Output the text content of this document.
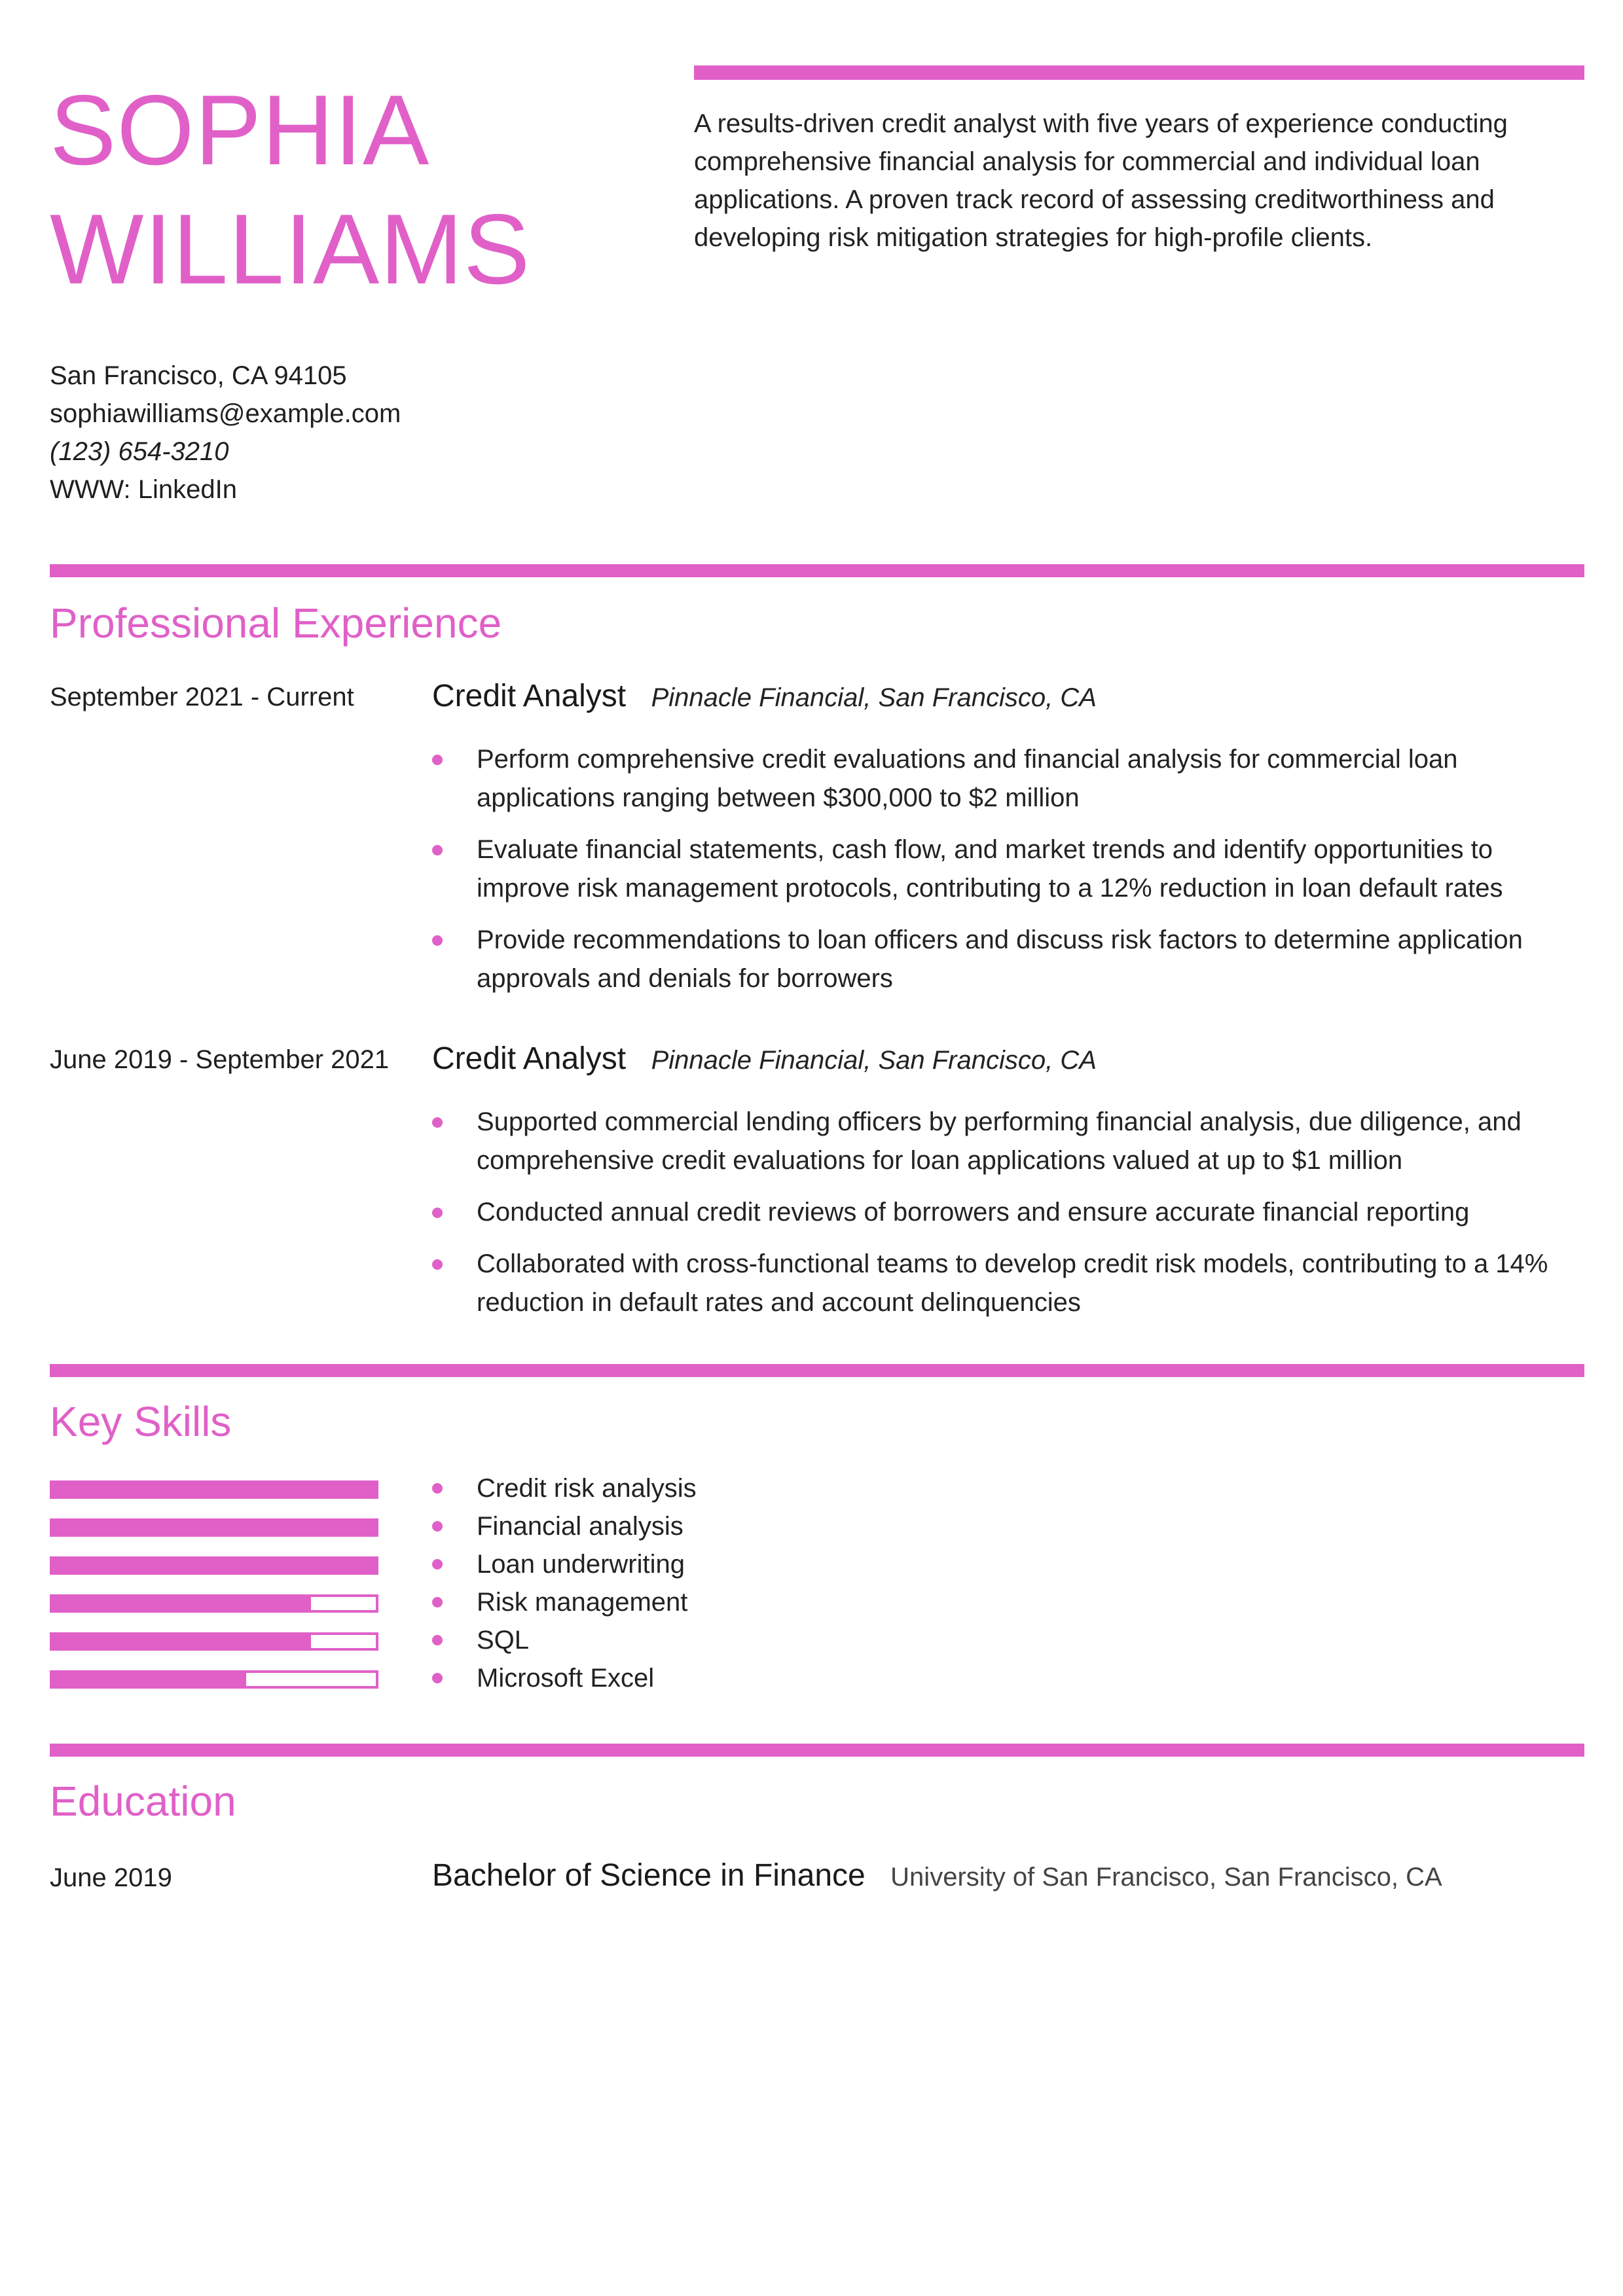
SOPHIA
WILLIAMS

A results-driven credit analyst with five years of experience conducting comprehensive financial analysis for commercial and individual loan applications. A proven track record of assessing creditworthiness and developing risk mitigation strategies for high-profile clients.

San Francisco, CA 94105
sophiawilliams@example.com
(123) 654-3210
WWW: LinkedIn
Professional Experience
September 2021 - Current Credit Analyst Pinnacle Financial, San Francisco, CA
Perform comprehensive credit evaluations and financial analysis for commercial loan applications ranging between $300,000 to $2 million
Evaluate financial statements, cash flow, and market trends and identify opportunities to improve risk management protocols, contributing to a 12% reduction in loan default rates
Provide recommendations to loan officers and discuss risk factors to determine application approvals and denials for borrowers
June 2019 - September 2021 Credit Analyst Pinnacle Financial, San Francisco, CA
Supported commercial lending officers by performing financial analysis, due diligence, and comprehensive credit evaluations for loan applications valued at up to $1 million
Conducted annual credit reviews of borrowers and ensure accurate financial reporting
Collaborated with cross-functional teams to develop credit risk models, contributing to a 14% reduction in default rates and account delinquencies
Key Skills
Credit risk analysis
Financial analysis
Loan underwriting
Risk management
SQL
Microsoft Excel
Education
June 2019	Bachelor of Science in Finance University of San Francisco, San Francisco, CA
